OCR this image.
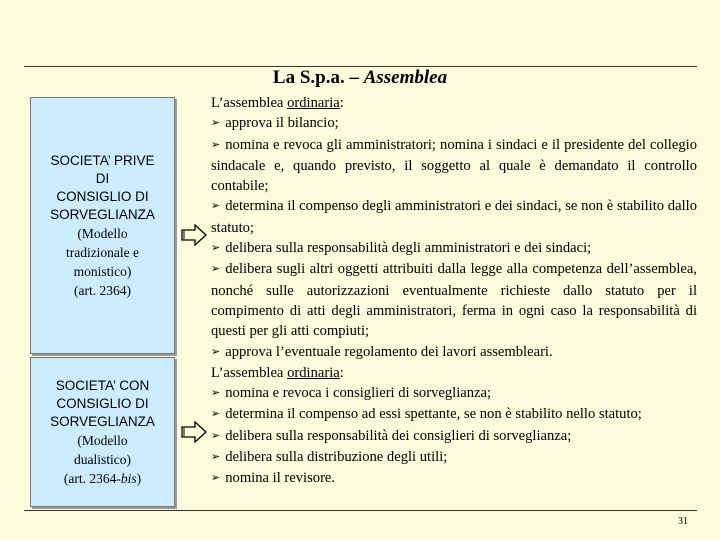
La S.p.a. – Assemblea
SOCIETA’ PRIVE
DI
CONSIGLIO DI
SORVEGLIANZA
(Modello
tradizionale e
monistico)
(art. 2364)
SOCIETA’ CON
CONSIGLIO DI
SORVEGLIANZA
(Modello
dualistico)
(art. 2364-bis)

L’assemblea ordinaria:

➢ approva il bilancio;

➢ nomina e revoca gli amministratori; nomina i sindaci e il presidente del collegio sindacale e, quando previsto, il soggetto al quale è demandato il controllo contabile;

➢ determina il compenso degli amministratori e dei sindaci, se non è stabilito dallo statuto;

➢ delibera sulla responsabilità degli amministratori e dei sindaci;

➢ delibera sugli altri oggetti attribuiti dalla legge alla competenza dell’assemblea, nonché sulle autorizzazioni eventualmente richieste dallo statuto per il compimento di atti degli amministratori, ferma in ogni caso la responsabilità di questi per gli atti compiuti;

➢ approva l’eventuale regolamento dei lavori assembleari.

L’assemblea ordinaria:

➢ nomina e revoca i consiglieri di sorveglianza;

➢ determina il compenso ad essi spettante, se non è stabilito nello statuto;

➢ delibera sulla responsabilità dei consiglieri di sorveglianza;

➢ delibera sulla distribuzione degli utili;

➢ nomina il revisore.

31
